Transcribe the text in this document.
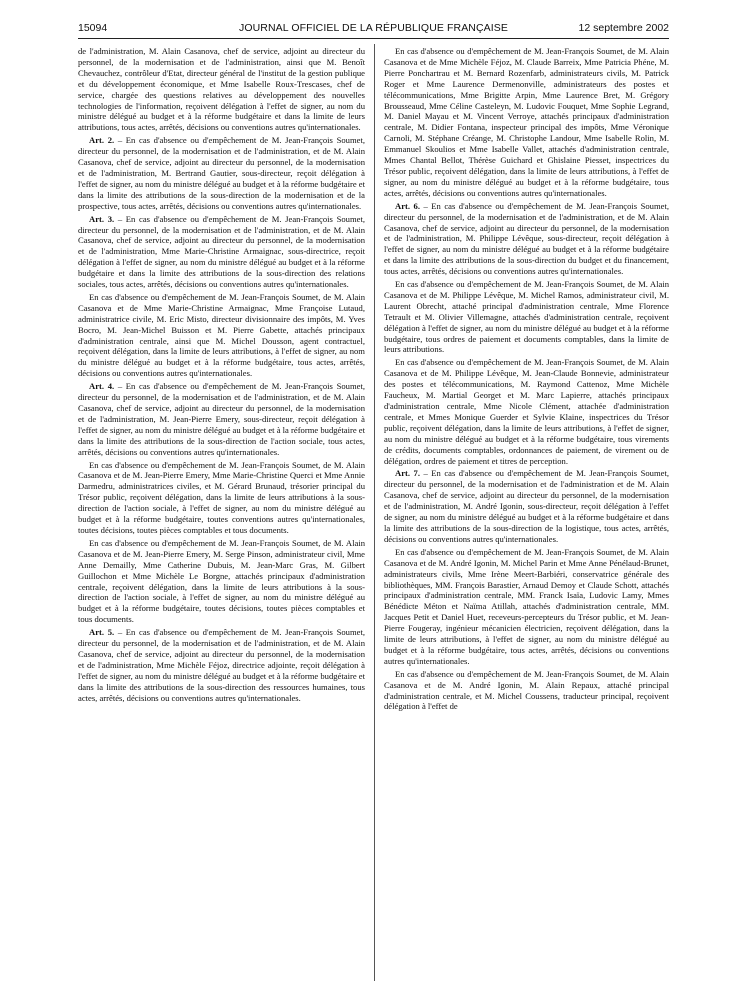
15094	JOURNAL OFFICIEL DE LA RÉPUBLIQUE FRANÇAISE	12 septembre 2002

de l'administration, M. Alain Casanova, chef de service, adjoint au directeur du personnel, de la modernisation et de l'administration, ainsi que M. Benoît Chevauchez, contrôleur d'Etat, directeur général de l'institut de la gestion publique et du développement économique, et Mme Isabelle Roux-Trescases, chef de service, chargée des questions relatives au développement des nouvelles technologies de l'information, reçoivent délégation à l'effet de signer, au nom du ministre délégué au budget et à la réforme budgétaire et dans la limite de leurs attributions, tous actes, arrêtés, décisions ou conventions autres qu'internationales.

Art. 2. – En cas d'absence ou d'empêchement de M. Jean-François Soumet, directeur du personnel, de la modernisation et de l'administration, et de M. Alain Casanova, chef de service, adjoint au directeur du personnel, de la modernisation et de l'administration, M. Bertrand Gautier, sous-directeur, reçoit délégation à l'effet de signer, au nom du ministre délégué au budget et à la réforme budgétaire et dans la limite des attributions de la sous-direction de la modernisation et de la prospective, tous actes, arrêtés, décisions ou conventions autres qu'internationales.

Art. 3. – En cas d'absence ou d'empêchement de M. Jean-François Soumet, directeur du personnel, de la modernisation et de l'administration, et de M. Alain Casanova, chef de service, adjoint au directeur du personnel, de la modernisation et de l'administration, Mme Marie-Christine Armaignac, sous-directrice, reçoit délégation à l'effet de signer, au nom du ministre délégué au budget et à la réforme budgétaire et dans la limite des attributions de la sous-direction des relations sociales, tous actes, arrêtés, décisions ou conventions autres qu'internationales.

En cas d'absence ou d'empêchement de M. Jean-François Soumet, de M. Alain Casanova et de Mme Marie-Christine Armaignac, Mme Françoise Lutaud, administratrice civile, M. Eric Misto, directeur divisionnaire des impôts, M. Yves Bocro, M. Jean-Michel Buisson et M. Pierre Gabette, attachés principaux d'administration centrale, ainsi que M. Michel Dousson, agent contractuel, reçoivent délégation, dans la limite de leurs attributions, à l'effet de signer, au nom du ministre délégué au budget et à la réforme budgétaire, tous actes, arrêtés, décisions ou conventions autres qu'internationales.

Art. 4. – En cas d'absence ou d'empêchement de M. Jean-François Soumet, directeur du personnel, de la modernisation et de l'administration, et de M. Alain Casanova, chef de service, adjoint au directeur du personnel, de la modernisation et de l'administration, M. Jean-Pierre Emery, sous-directeur, reçoit délégation à l'effet de signer, au nom du ministre délégué au budget et à la réforme budgétaire et dans la limite des attributions de la sous-direction de l'action sociale, tous actes, arrêtés, décisions ou conventions autres qu'internationales.

En cas d'absence ou d'empêchement de M. Jean-François Soumet, de M. Alain Casanova et de M. Jean-Pierre Emery, Mme Marie-Christine Querci et Mme Annie Darmedru, administratrices civiles, et M. Gérard Brunaud, trésorier principal du Trésor public, reçoivent délégation, dans la limite de leurs attributions à la sous-direction de l'action sociale, à l'effet de signer, au nom du ministre délégué au budget et à la réforme budgétaire, toutes conventions autres qu'internationales, toutes décisions, toutes pièces comptables et tous documents.

En cas d'absence ou d'empêchement de M. Jean-François Soumet, de M. Alain Casanova et de M. Jean-Pierre Emery, M. Serge Pinson, administrateur civil, Mme Anne Demailly, Mme Catherine Dubuis, M. Jean-Marc Gras, M. Gilbert Guillochon et Mme Michèle Le Borgne, attachés principaux d'administration centrale, reçoivent délégation, dans la limite de leurs attributions à la sous-direction de l'action sociale, à l'effet de signer, au nom du ministre délégué au budget et à la réforme budgétaire, toutes décisions, toutes pièces comptables et tous documents.

Art. 5. – En cas d'absence ou d'empêchement de M. Jean-François Soumet, directeur du personnel, de la modernisation et de l'administration, et de M. Alain Casanova, chef de service, adjoint au directeur du personnel, de la modernisation et de l'administration, Mme Michèle Féjoz, directrice adjointe, reçoit délégation à l'effet de signer, au nom du ministre délégué au budget et à la réforme budgétaire et dans la limite des attributions de la sous-direction des ressources humaines, tous actes, arrêtés, décisions ou conventions autres qu'internationales.

En cas d'absence ou d'empêchement de M. Jean-François Soumet, de M. Alain Casanova et de Mme Michèle Féjoz, M. Claude Barreix, Mme Patricia Phéne, M. Pierre Ponchartrau et M. Bernard Rozenfarb, administrateurs civils, M. Patrick Roger et Mme Laurence Dermenonville, administrateurs des postes et télécommunications, Mme Brigitte Arpin, Mme Laurence Bret, M. Grégory Brousseaud, Mme Céline Casteleyn, M. Ludovic Fouquet, Mme Sophie Legrand, M. Daniel Mayau et M. Vincent Verroye, attachés principaux d'administration centrale, M. Didier Fontana, inspecteur principal des impôts, Mme Véronique Carnoli, M. Stéphane Créange, M. Christophe Landour, Mme Isabelle Rolin, M. Emmanuel Skoulios et Mme Isabelle Vallet, attachés d'administration centrale, Mmes Chantal Bellot, Thérèse Guichard et Ghislaine Piesset, inspectrices du Trésor public, reçoivent délégation, dans la limite de leurs attributions, à l'effet de signer, au nom du ministre délégué au budget et à la réforme budgétaire, tous actes, arrêtés, décisions ou conventions autres qu'internationales.

Art. 6. – En cas d'absence ou d'empêchement de M. Jean-François Soumet, directeur du personnel, de la modernisation et de l'administration, et de M. Alain Casanova, chef de service, adjoint au directeur du personnel, de la modernisation et de l'administration, M. Philippe Lévêque, sous-directeur, reçoit délégation à l'effet de signer, au nom du ministre délégué au budget et à la réforme budgétaire et dans la limite des attributions de la sous-direction du budget et du financement, tous actes, arrêtés, décisions ou conventions autres qu'internationales.

En cas d'absence ou d'empêchement de M. Jean-François Soumet, de M. Alain Casanova et de M. Philippe Lévêque, M. Michel Ramos, administrateur civil, M. Laurent Obrecht, attaché principal d'administration centrale, Mme Florence Tetrault et M. Olivier Villemagne, attachés d'administration centrale, reçoivent délégation à l'effet de signer, au nom du ministre délégué au budget et à la réforme budgétaire, tous ordres de paiement et documents comptables, dans la limite de leurs attributions.

En cas d'absence ou d'empêchement de M. Jean-François Soumet, de M. Alain Casanova et de M. Philippe Lévêque, M. Jean-Claude Bonnevie, administrateur des postes et télécommunications, M. Raymond Cattenoz, Mme Michèle Faucheux, M. Martial Georget et M. Marc Lapierre, attachés principaux d'administration centrale, Mme Nicole Clément, attachée d'administration centrale, et Mmes Monique Guerder et Sylvie Klaine, inspectrices du Trésor public, reçoivent délégation, dans la limite de leurs attributions, à l'effet de signer, au nom du ministre délégué au budget et à la réforme budgétaire, tous virements de crédits, documents comptables, ordonnances de paiement, de virement ou de délégation, ordres de paiement et titres de perception.

Art. 7. – En cas d'absence ou d'empêchement de M. Jean-François Soumet, directeur du personnel, de la modernisation et de l'administration et de M. Alain Casanova, chef de service, adjoint au directeur du personnel, de la modernisation et de l'administration, M. André Igonin, sous-directeur, reçoit délégation à l'effet de signer, au nom du ministre délégué au budget et à la réforme budgétaire et dans la limite des attributions de la sous-direction de la logistique, tous actes, arrêtés, décisions ou conventions autres qu'internationales.

En cas d'absence ou d'empêchement de M. Jean-François Soumet, de M. Alain Casanova et de M. André Igonin, M. Michel Parin et Mme Anne Pénélaud-Brunet, administrateurs civils, Mme Irène Meert-Barbiéri, conservatrice générale des bibliothèques, MM. François Barastier, Arnaud Demoy et Claude Schott, attachés principaux d'administration centrale, MM. Franck Isaïa, Ludovic Lamy, Mmes Bénédicte Méton et Naïma Atillah, attachés d'administration centrale, MM. Jacques Petit et Daniel Huet, receveurs-percepteurs du Trésor public, et M. Jean-Pierre Fougeray, ingénieur mécanicien électricien, reçoivent délégation, dans la limite de leurs attributions, à l'effet de signer, au nom du ministre délégué au budget et à la réforme budgétaire, tous actes, arrêtés, décisions ou conventions autres qu'internationales.

En cas d'absence ou d'empêchement de M. Jean-François Soumet, de M. Alain Casanova et de M. André Igonin, M. Alain Repaux, attaché principal d'administration centrale, et M. Michel Coussens, traducteur principal, reçoivent délégation à l'effet de
